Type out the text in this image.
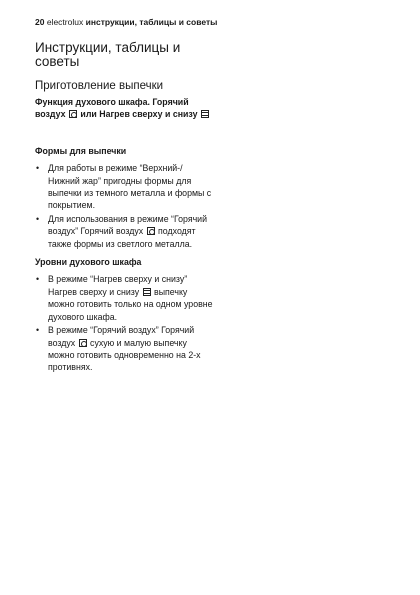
20 electrolux инструкции, таблицы и советы
Инструкции, таблицы и советы
Приготовление выпечки

Функция духового шкафа. Горячий воздух или Нагрев сверху и снизу

Формы для выпечки

• Для работы в режиме “Верхний-/ Нижний жар” пригодны формы для выпечки из темного металла и формы с покрытием.
• Для использования в режиме “Горячий воздух” Горячий воздух подходят также формы из светлого металла.

Уровни духового шкафа

• В режиме “Нагрев сверху и снизу” Нагрев сверху и снизу выпечку можно готовить только на одном уровне духового шкафа.
• В режиме “Горячий воздух” Горячий воздух сухую и малую выпечку можно готовить одновременно на 2-х противнях.
